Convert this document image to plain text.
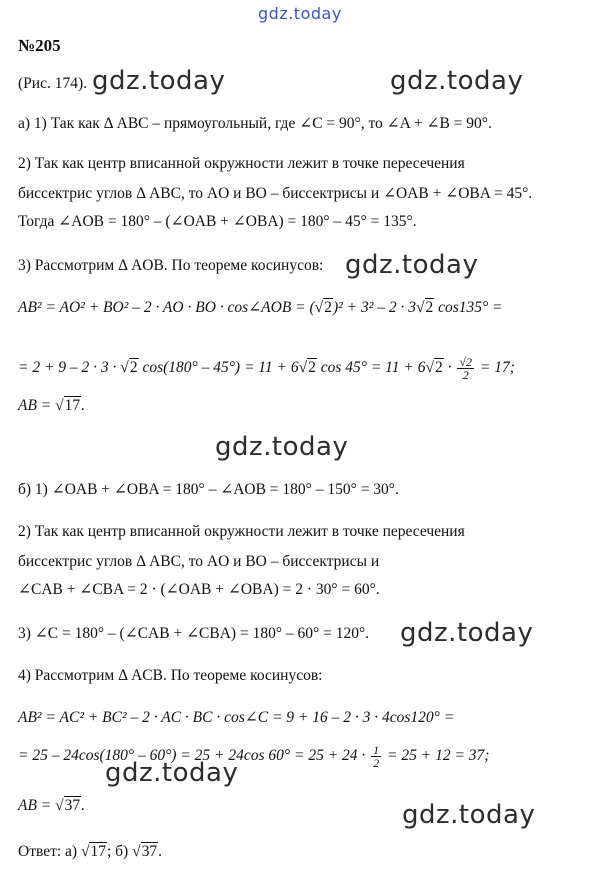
gdz.today
gdz.today	gdz.today
gdz.today
gdz.today
gdz.today
gdz.today
gdz.today
№205
(Рис. 174).
а) 1) Так как Δ ABC – прямоугольный, где ∠C = 90°, то ∠A + ∠B = 90°.
2) Так как центр вписанной окружности лежит в точке пересечения
биссектрис углов Δ ABC, то AO и BO – биссектрисы и ∠OAB + ∠OBA = 45°.
Тогда ∠AOB = 180° – (∠OAB + ∠OBA) = 180° – 45° = 135°.
3) Рассмотрим Δ AOB. По теореме косинусов:
AB² = AO² + BO² – 2 · AO · BO · cos∠AOB = (√2)² + 3² – 2 · 3√2 cos135° =
= 2 + 9 – 2 · 3 · √2 cos(180° – 45°) = 11 + 6√2 $\cos 45^\circ = 11 + 6√2 \cdot \frac{√2}{2} = 17$;
AB = √17.
б) 1) ∠OAB + ∠OBA = 180° – ∠AOB = 180° – 150° = 30°.
2) Так как центр вписанной окружности лежит в точке пересечения
биссектрис углов Δ ABC, то AO и BO – биссектрисы и
∠CAB + ∠CBA = 2 · (∠OAB + ∠OBA) = 2 · 30° = 60°.
3) ∠C = 180° – (∠CAB + ∠CBA) = 180° – 60° = 120°.
4) Рассмотрим Δ ACB. По теореме косинусов:
AB² = AC² + BC² – 2 · AC · BC · cos∠C = 9 + 16 – 2 · 3 · 4cos120° =
= 25 – 24cos(180° – 60°) = 25 + 24cos $60^\circ = 25 + 24 \cdot \frac{1}{2} = 25 + 12 = 37$;
AB = √37.
Ответ: а) √17; б) √37.
